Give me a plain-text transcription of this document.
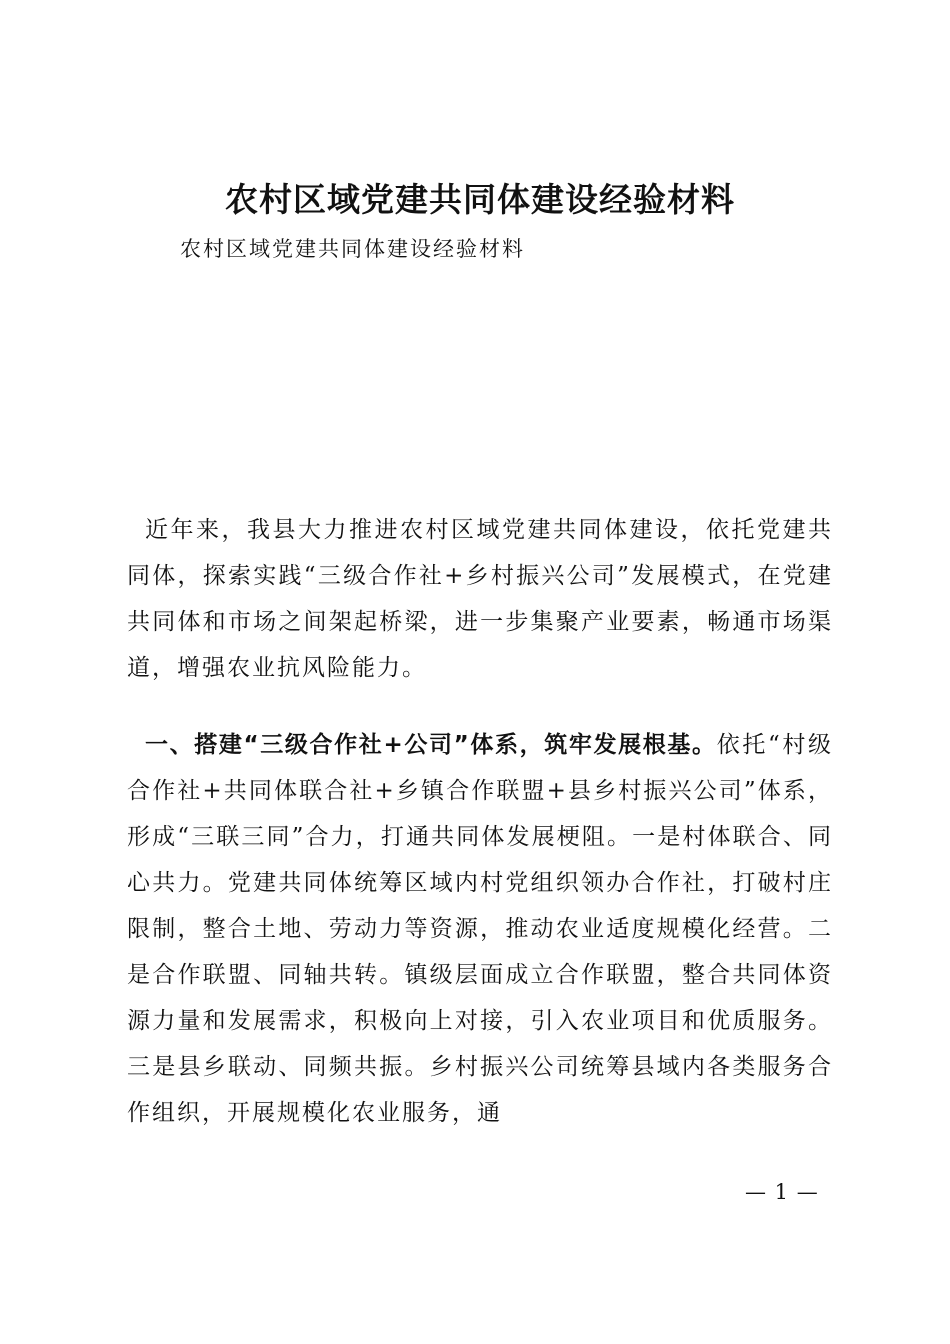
农村区域党建共同体建设经验材料

农村区域党建共同体建设经验材料

近年来，我县大力推进农村区域党建共同体建设，依托党建共同体，探索实践“三级合作社+乡村振兴公司”发展模式，在党建共同体和市场之间架起桥梁，进一步集聚产业要素，畅通市场渠道，增强农业抗风险能力。

一、搭建“三级合作社+公司”体系，筑牢发展根基。依托“村级合作社+共同体联合社+乡镇合作联盟+县乡村振兴公司”体系，形成“三联三同”合力，打通共同体发展梗阻。一是村体联合、同心共力。党建共同体统筹区域内村党组织领办合作社，打破村庄限制，整合土地、劳动力等资源，推动农业适度规模化经营。二是合作联盟、同轴共转。镇级层面成立合作联盟，整合共同体资源力量和发展需求，积极向上对接，引入农业项目和优质服务。三是县乡联动、同频共振。乡村振兴公司统筹县域内各类服务合作组织，开展规模化农业服务，通

— 1 —
